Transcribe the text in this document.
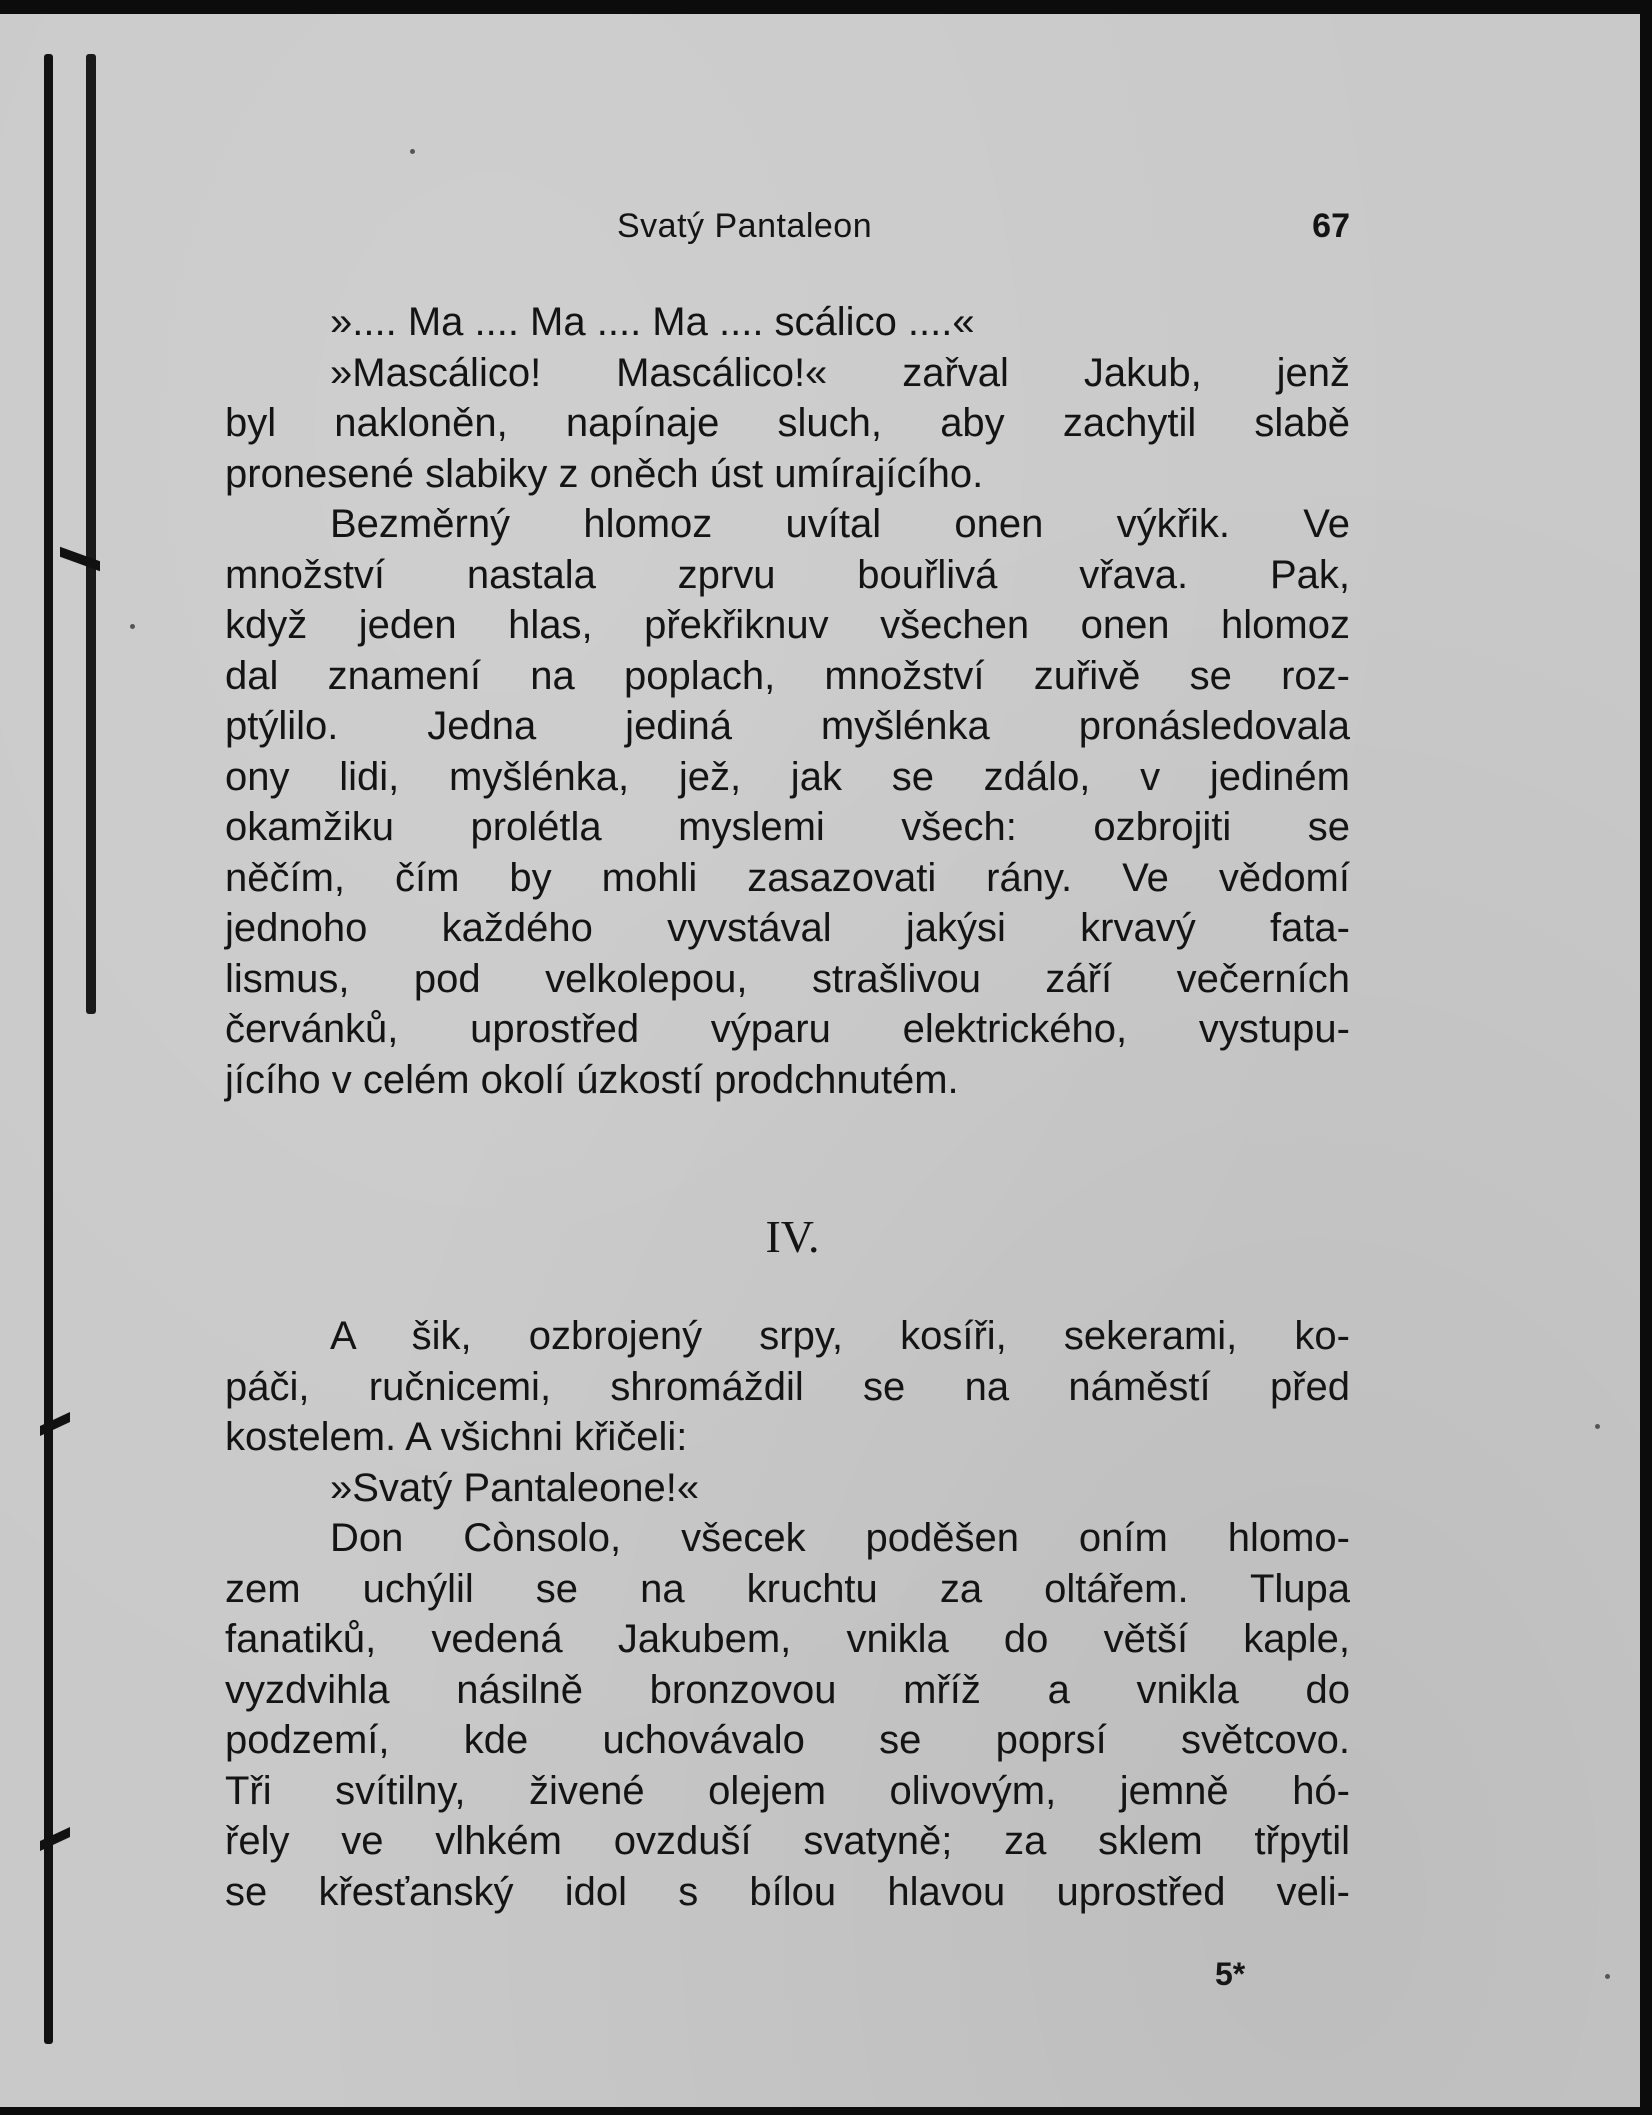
Svatý Pantaleon	67
».... Ma .... Ma .... Ma .... scálico ....«
»Mascálico! Mascálico!« zařval Jakub, jenž
byl nakloněn, napínaje sluch, aby zachytil slabě
pronesené slabiky z oněch úst umírajícího.
Bezměrný hlomoz uvítal onen výkřik. Ve
množství nastala zprvu bouřlivá vřava. Pak,
když jeden hlas, překřiknuv všechen onen hlomoz
dal znamení na poplach, množství zuřivě se roz-
ptýlilo. Jedna jediná myšlénka pronásledovala
ony lidi, myšlénka, jež, jak se zdálo, v jediném
okamžiku prolétla myslemi všech: ozbrojiti se
něčím, čím by mohli zasazovati rány. Ve vědomí
jednoho každého vyvstával jakýsi krvavý fata-
lismus, pod velkolepou, strašlivou září večerních
červánků, uprostřed výparu elektrického, vystupu-
jícího v celém okolí úzkostí prodchnutém.
IV.
A šik, ozbrojený srpy, kosíři, sekerami, ko-
páči, ručnicemi, shromáždil se na náměstí před
kostelem. A všichni křičeli:
»Svatý Pantaleone!«
Don Cònsolo, všecek poděšen oním hlomo-
zem uchýlil se na kruchtu za oltářem. Tlupa
fanatiků, vedená Jakubem, vnikla do větší kaple,
vyzdvihla násilně bronzovou mříž a vnikla do
podzemí, kde uchovávalo se poprsí světcovo.
Tři svítilny, živené olejem olivovým, jemně hó-
řely ve vlhkém ovzduší svatyně; za sklem třpytil
se křesťanský idol s bílou hlavou uprostřed veli-
5*
